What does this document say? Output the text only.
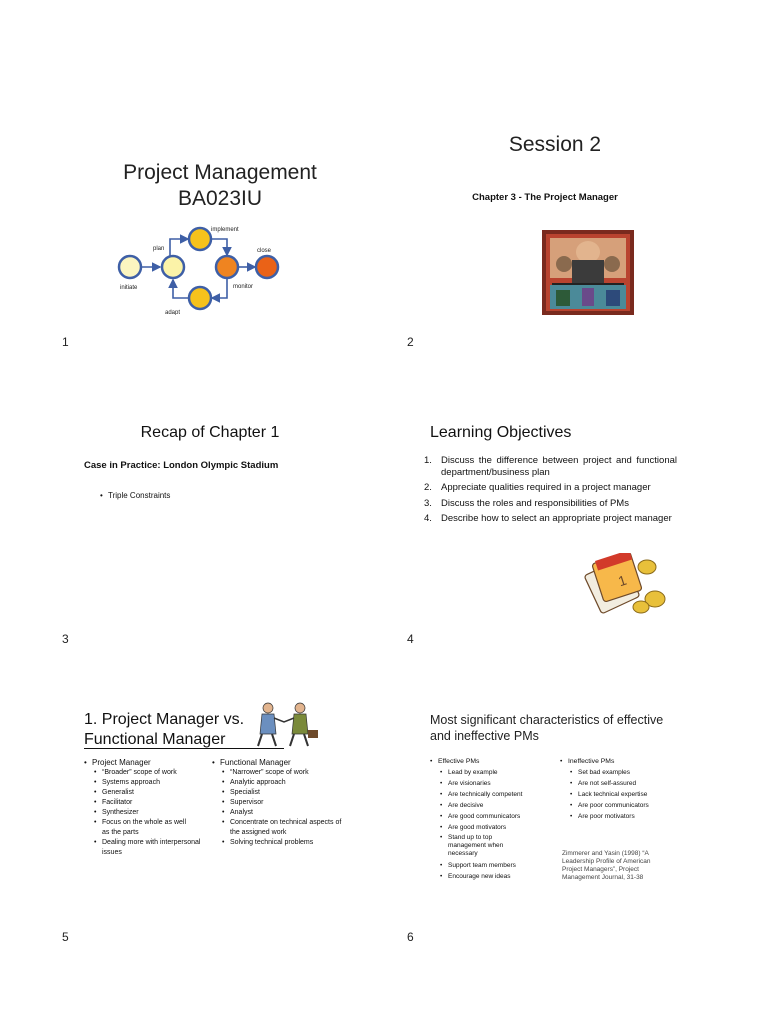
Project Management
BA023IU
plan
implement
close
initiate	monitor
adapt
1
Session 2
Chapter 3 - The Project Manager
2
Recap of Chapter 1
Case in Practice: London Olympic Stadium
• Triple Constraints
3
Learning Objectives
1. Discuss the difference between project and functional department/business plan
2. Appreciate qualities required in a project manager
3. Discuss the roles and responsibilities of PMs
4. Describe how to select an appropriate project manager
1
4
1. Project Manager vs.
Functional Manager
• Project Manager
• “Broader” scope of work
• Systems approach
• Generalist
• Facilitator
• Synthesizer
• Focus on the whole as well as the parts
• Dealing more with interpersonal issues
• Functional Manager
• “Narrower” scope of work
• Analytic approach
• Specialist
• Supervisor
• Analyst
• Concentrate on technical aspects of the assigned work
• Solving technical problems
5
Most significant characteristics of effective
and ineffective PMs
• Effective PMs
• Lead by example
• Are visionaries
• Are technically competent
• Are decisive
• Are good communicators
• Are good motivators
• Stand up to top management when necessary
• Support team members
• Encourage new ideas
• Ineffective PMs
• Set bad examples
• Are not self-assured
• Lack technical expertise
• Are poor communicators
• Are poor motivators
Zimmerer and Yasin (1998) “A Leadership Profile of American Project Managers”, Project Management Journal, 31-38
6
